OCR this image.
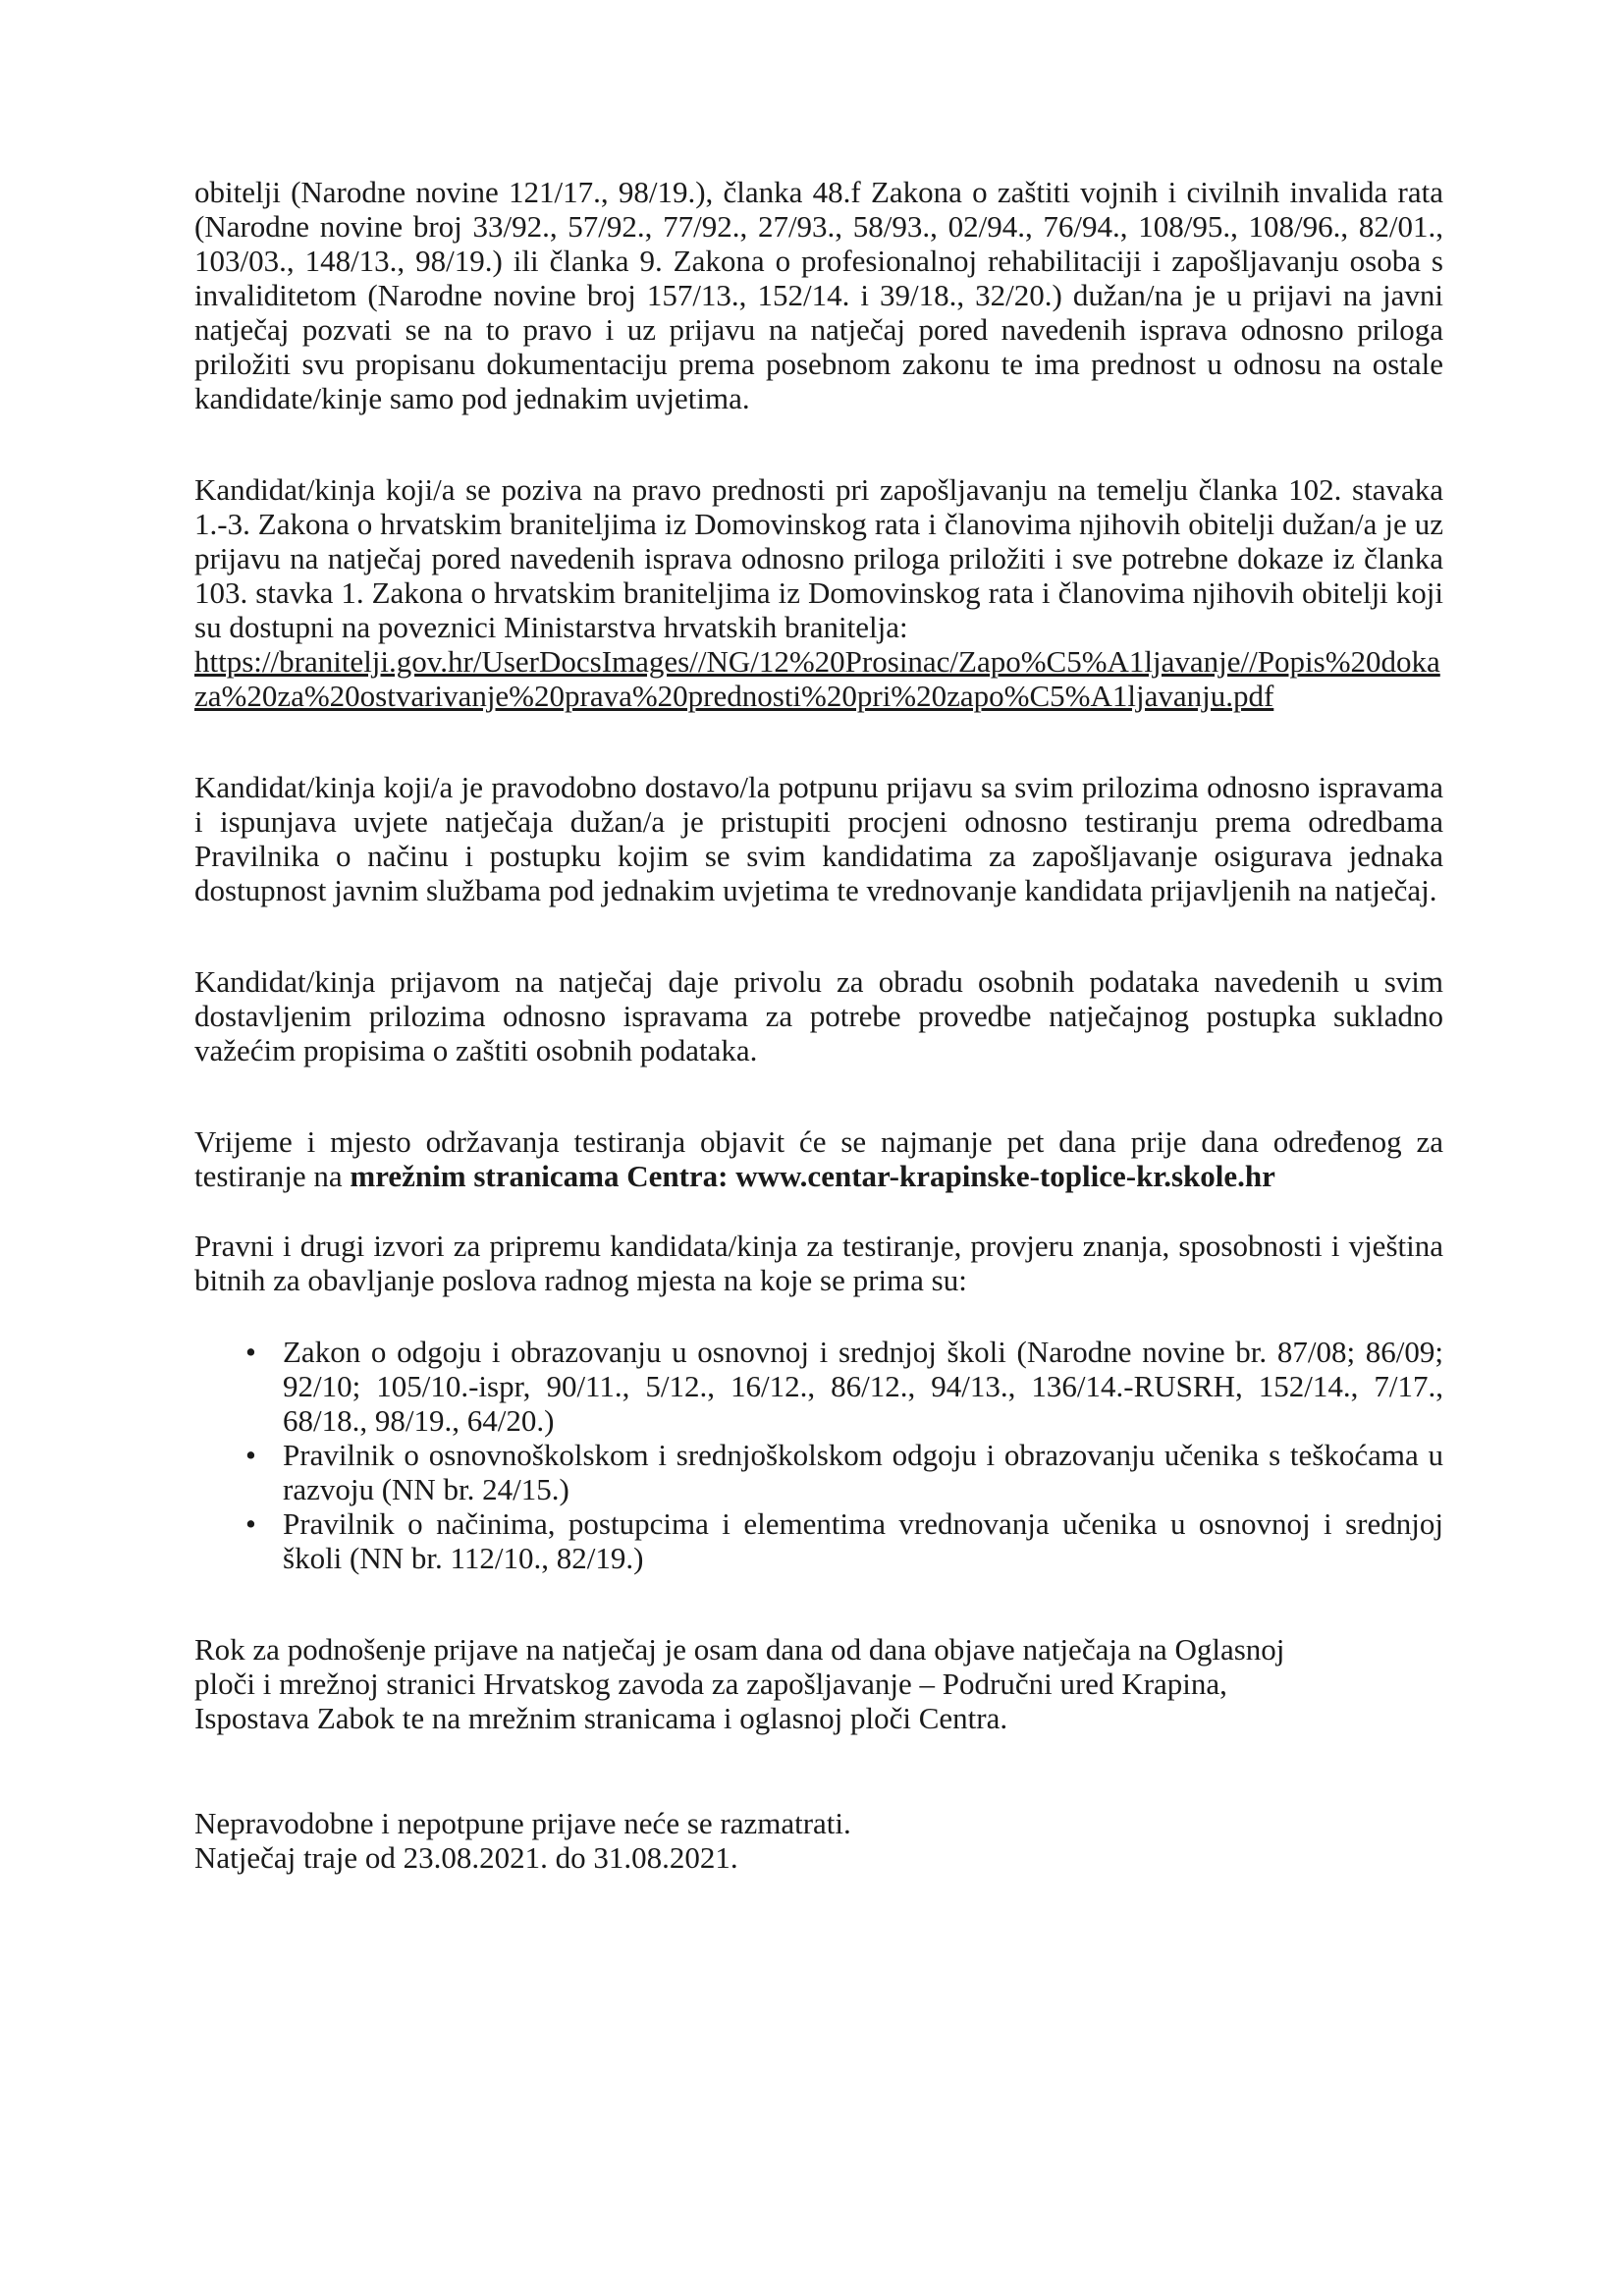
obitelji (Narodne novine 121/17., 98/19.), članka 48.f Zakona o zaštiti vojnih i civilnih invalida rata (Narodne novine broj 33/92., 57/92., 77/92., 27/93., 58/93., 02/94., 76/94., 108/95., 108/96., 82/01., 103/03., 148/13., 98/19.) ili članka 9. Zakona o profesionalnoj rehabilitaciji i zapošljavanju osoba s invaliditetom (Narodne novine broj 157/13., 152/14. i 39/18., 32/20.) dužan/na je u prijavi na javni natječaj pozvati se na to pravo i uz prijavu na natječaj pored navedenih isprava odnosno priloga priložiti svu propisanu dokumentaciju prema posebnom zakonu te ima prednost u odnosu na ostale kandidate/kinje samo pod jednakim uvjetima.

Kandidat/kinja koji/a se poziva na pravo prednosti pri zapošljavanju na temelju članka 102. stavaka 1.-3. Zakona o hrvatskim braniteljima iz Domovinskog rata i članovima njihovih obitelji dužan/a je uz prijavu na natječaj pored navedenih isprava odnosno priloga priložiti i sve potrebne dokaze iz članka 103. stavka 1. Zakona o hrvatskim braniteljima iz Domovinskog rata i članovima njihovih obitelji koji su dostupni na poveznici Ministarstva hrvatskih branitelja:

https://branitelji.gov.hr/UserDocsImages//NG/12%20Prosinac/Zapo%C5%A1ljavanje//Popis%20dokaza%20za%20ostvarivanje%20prava%20prednosti%20pri%20zapo%C5%A1ljavanju.pdf

Kandidat/kinja koji/a je pravodobno dostavo/la potpunu prijavu sa svim prilozima odnosno ispravama i ispunjava uvjete natječaja dužan/a je pristupiti procjeni odnosno testiranju prema odredbama Pravilnika o načinu i postupku kojim se svim kandidatima za zapošljavanje osigurava jednaka dostupnost javnim službama pod jednakim uvjetima te vrednovanje kandidata prijavljenih na natječaj.

Kandidat/kinja prijavom na natječaj daje privolu za obradu osobnih podataka navedenih u svim dostavljenim prilozima odnosno ispravama za potrebe provedbe natječajnog postupka sukladno važećim propisima o zaštiti osobnih podataka.

Vrijeme i mjesto održavanja testiranja objavit će se najmanje pet dana prije dana određenog za testiranje na mrežnim stranicama Centra: www.centar-krapinske-toplice-kr.skole.hr

Pravni i drugi izvori za pripremu kandidata/kinja za testiranje, provjeru znanja, sposobnosti i vještina bitnih za obavljanje poslova radnog mjesta na koje se prima su:

• Zakon o odgoju i obrazovanju u osnovnoj i srednjoj školi (Narodne novine br. 87/08; 86/09; 92/10; 105/10.-ispr, 90/11., 5/12., 16/12., 86/12., 94/13., 136/14.-RUSRH, 152/14., 7/17., 68/18., 98/19., 64/20.)
• Pravilnik o osnovnoškolskom i srednjoškolskom odgoju i obrazovanju učenika s teškoćama u razvoju (NN br. 24/15.)
• Pravilnik o načinima, postupcima i elementima vrednovanja učenika u osnovnoj i srednjoj školi (NN br. 112/10., 82/19.)

Rok za podnošenje prijave na natječaj je osam dana od dana objave natječaja na Oglasnoj

ploči i mrežnoj stranici Hrvatskog zavoda za zapošljavanje – Područni ured Krapina,

Ispostava Zabok te na mrežnim stranicama i oglasnoj ploči Centra.

Nepravodobne i nepotpune prijave neće se razmatrati.

Natječaj traje od 23.08.2021. do 31.08.2021.
